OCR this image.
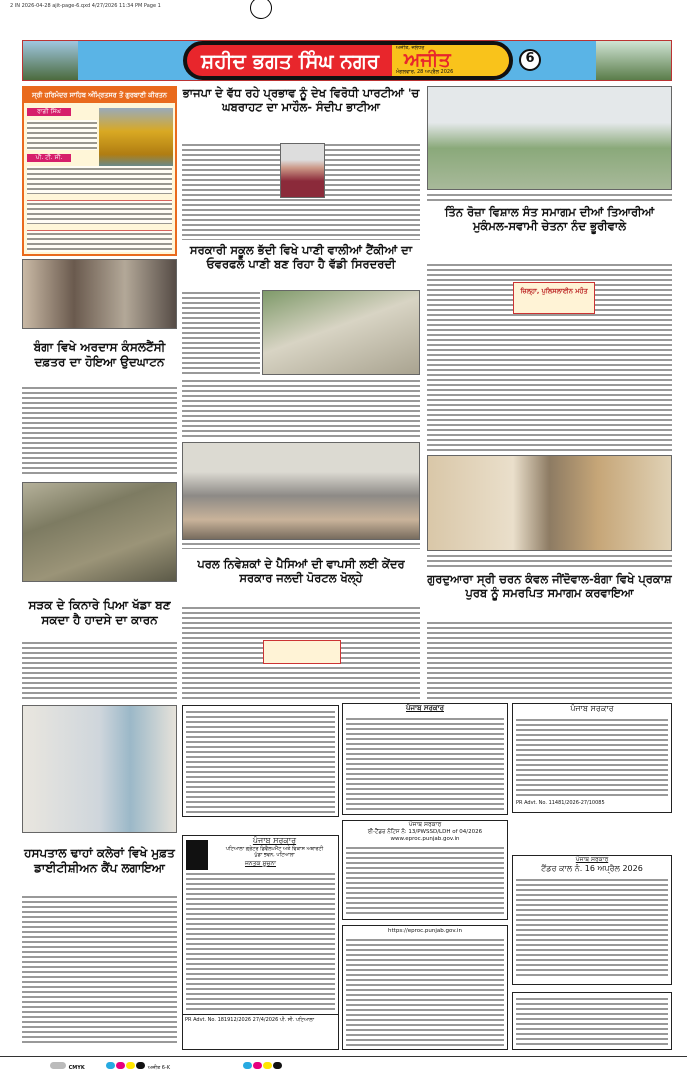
2 IN 2026-04-28 ajit-page-6.qxd 4/27/2026 11:34 PM Page 1
ਸ਼ਹੀਦ ਭਗਤ ਸਿੰਘ ਨਗਰ
ਅਜੀਤ, ਜਲੰਧਰ
ਅਜੀਤ
ਮੰਗਲਵਾਰ, 28 ਅਪ੍ਰੈਲ 2026
6
ਸ੍ਰੀ ਹਰਿਮੰਦਰ ਸਾਹਿਬ ਅੰਮ੍ਰਿਤਸਰ ਤੋਂ ਗੁਰਬਾਣੀ ਕੀਰਤਨ
ਰਾਗੀ ਸਿੰਘ
ਪੀ. ਟੀ. ਸੀ.
ਬੰਗਾ ਵਿਖੇ ਅਰਦਾਸ ਕੰਸਲਟੈਂਸੀ ਦਫ਼ਤਰ ਦਾ ਹੋਇਆ ਉਦਘਾਟਨ
ਸੜਕ ਦੇ ਕਿਨਾਰੇ ਪਿਆ ਖੱਡਾ ਬਣ ਸਕਦਾ ਹੈ ਹਾਦਸੇ ਦਾ ਕਾਰਨ
ਹਸਪਤਾਲ ਢਾਹਾਂ ਕਲੇਰਾਂ ਵਿਖੇ ਮੁਫ਼ਤ ਡਾਈਟੀਸ਼ੀਅਨ ਕੈਂਪ ਲਗਾਇਆ
ਭਾਜਪਾ ਦੇ ਵੱਧ ਰਹੇ ਪ੍ਰਭਾਵ ਨੂੰ ਦੇਖ ਵਿਰੋਧੀ ਪਾਰਟੀਆਂ 'ਚ ਘਬਰਾਹਟ ਦਾ ਮਾਹੌਲ- ਸੰਦੀਪ ਭਾਟੀਆ
ਤਿੰਨ ਰੋਜ਼ਾ ਵਿਸ਼ਾਲ ਸੰਤ ਸਮਾਗਮ ਦੀਆਂ ਤਿਆਰੀਆਂ ਮੁਕੰਮਲ-ਸਵਾਮੀ ਚੇਤਨਾ ਨੰਦ ਭੂਰੀਵਾਲੇ
ਸਰਕਾਰੀ ਸਕੂਲ ਭੱਦੀ ਵਿਖੇ ਪਾਣੀ ਵਾਲੀਆਂ ਟੈਂਕੀਆਂ ਦਾ ਓਵਰਫਲੋ ਪਾਣੀ ਬਣ ਰਿਹਾ ਹੈ ਵੱਡੀ ਸਿਰਦਰਦੀ
ਪਰਲ ਨਿਵੇਸ਼ਕਾਂ ਦੇ ਪੈਸਿਆਂ ਦੀ ਵਾਪਸੀ ਲਈ ਕੇਂਦਰ ਸਰਕਾਰ ਜਲਦੀ ਪੋਰਟਲ ਖੋਲ੍ਹੇ
ਜ਼ਿਲ੍ਹਾ, ਪੁਲਿਸਲਾਈਨ ਮਹੰਤ
ਗੁਰਦੁਆਰਾ ਸ੍ਰੀ ਚਰਨ ਕੰਵਲ ਜੀਂਦੋਵਾਲ-ਬੰਗਾ ਵਿਖੇ ਪ੍ਰਕਾਸ਼ ਪੁਰਬ ਨੂੰ ਸਮਰਪਿਤ ਸਮਾਗਮ ਕਰਵਾਇਆ
ਪੰਜਾਬ ਸਰਕਾਰ	ਪੰਜਾਬ ਸਰਕਾਰ
PR Advt. No. 11481/2026-27/10085
ਪੰਜਾਬ ਸਰਕਾਰ
ਪਟਿਆਲਾ ਗ੍ਰੇਟਰ ਡਿਵੈਲਪਮੈਂਟ ਅਤੇ ਵਿਕਾਸ ਅਥਾਰਟੀ
ਪੁੱਡਾ ਭਵਨ, ਪਟਿਆਲਾ
ਜਨਤਕ ਸੂਚਨਾ
PR Advt. No. 181912/2026 27/4/2026 ਪੀ. ਸੀ. ਪਟਿਆਲਾ
ਪੰਜਾਬ ਸਰਕਾਰ
ਈ-ਟੈਂਡਰ ਨੋਟਿਸ ਨੰ: 13/PWSSD/LDH of 04/2026
www.eproc.punjab.gov.in
https://eproc.punjab.gov.in
ਪੰਜਾਬ ਸਰਕਾਰ
ਟੈਂਡਰ ਕਾਲ ਨੰ. 16 ਅਪ੍ਰੈਲ 2026
CMYK	ਅਜੀਤ 6-K
